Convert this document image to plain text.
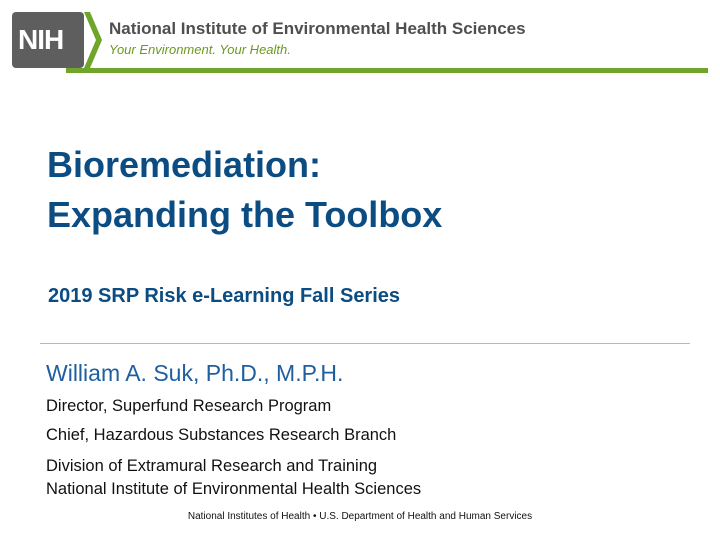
NIH	National Institute of Environmental Health Sciences
Your Environment. Your Health.
Bioremediation:
Expanding the Toolbox
2019 SRP Risk e-Learning Fall Series
William A. Suk, Ph.D., M.P.H.
Director, Superfund Research Program
Chief, Hazardous Substances Research Branch
Division of Extramural Research and Training
National Institute of Environmental Health Sciences
National Institutes of Health • U.S. Department of Health and Human Services
